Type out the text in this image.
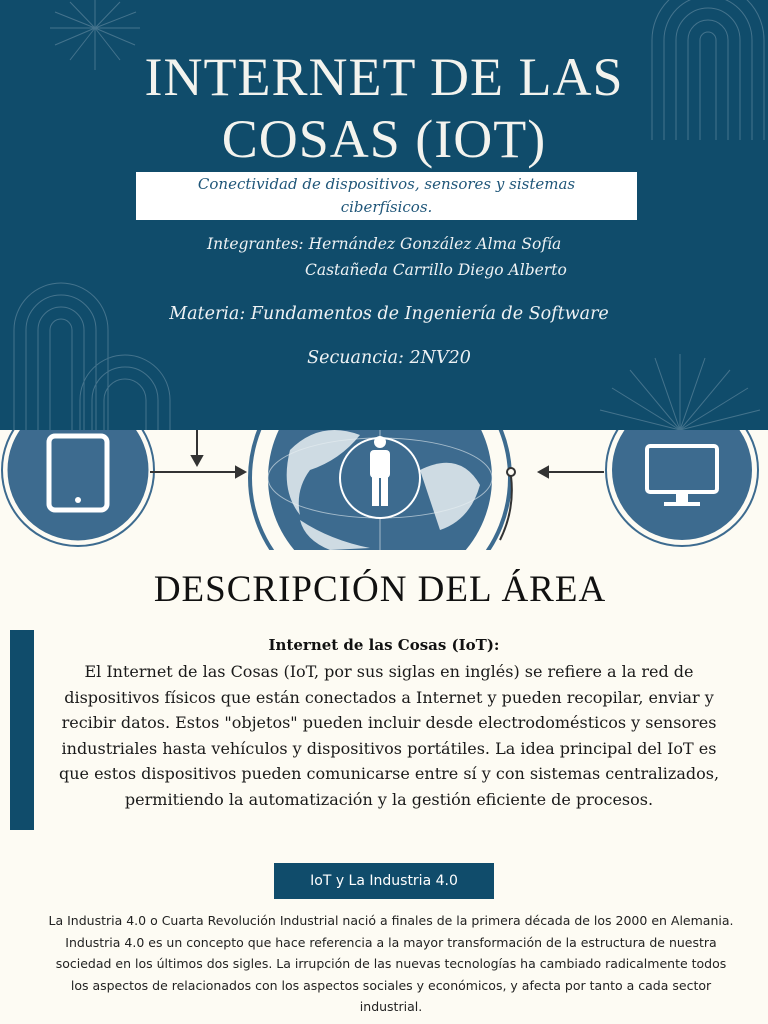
INTERNET DE LAS
COSAS (IOT)
Conectividad de dispositivos, sensores y sistemas
ciberfísicos.
Integrantes: Hernández González Alma Sofía
Castañeda Carrillo Diego Alberto
Materia: Fundamentos de Ingeniería de Software
Secuancia: 2NV20
DESCRIPCIÓN DEL ÁREA
Internet de las Cosas (IoT):
El Internet de las Cosas (IoT, por sus siglas en inglés) se refiere a la red de dispositivos físicos que están conectados a Internet y pueden recopilar, enviar y recibir datos. Estos "objetos" pueden incluir desde electrodomésticos y sensores industriales hasta vehículos y dispositivos portátiles. La idea principal del IoT es que estos dispositivos pueden comunicarse entre sí y con sistemas centralizados, permitiendo la automatización y la gestión eficiente de procesos.
IoT y La Industria 4.0
La Industria 4.0 o Cuarta Revolución Industrial nació a finales de la primera década de los 2000 en Alemania. Industria 4.0 es un concepto que hace referencia a la mayor transformación de la estructura de nuestra sociedad en los últimos dos sigles. La irrupción de las nuevas tecnologías ha cambiado radicalmente todos los aspectos de relacionados con los aspectos sociales y económicos, y afecta por tanto a cada sector industrial.
